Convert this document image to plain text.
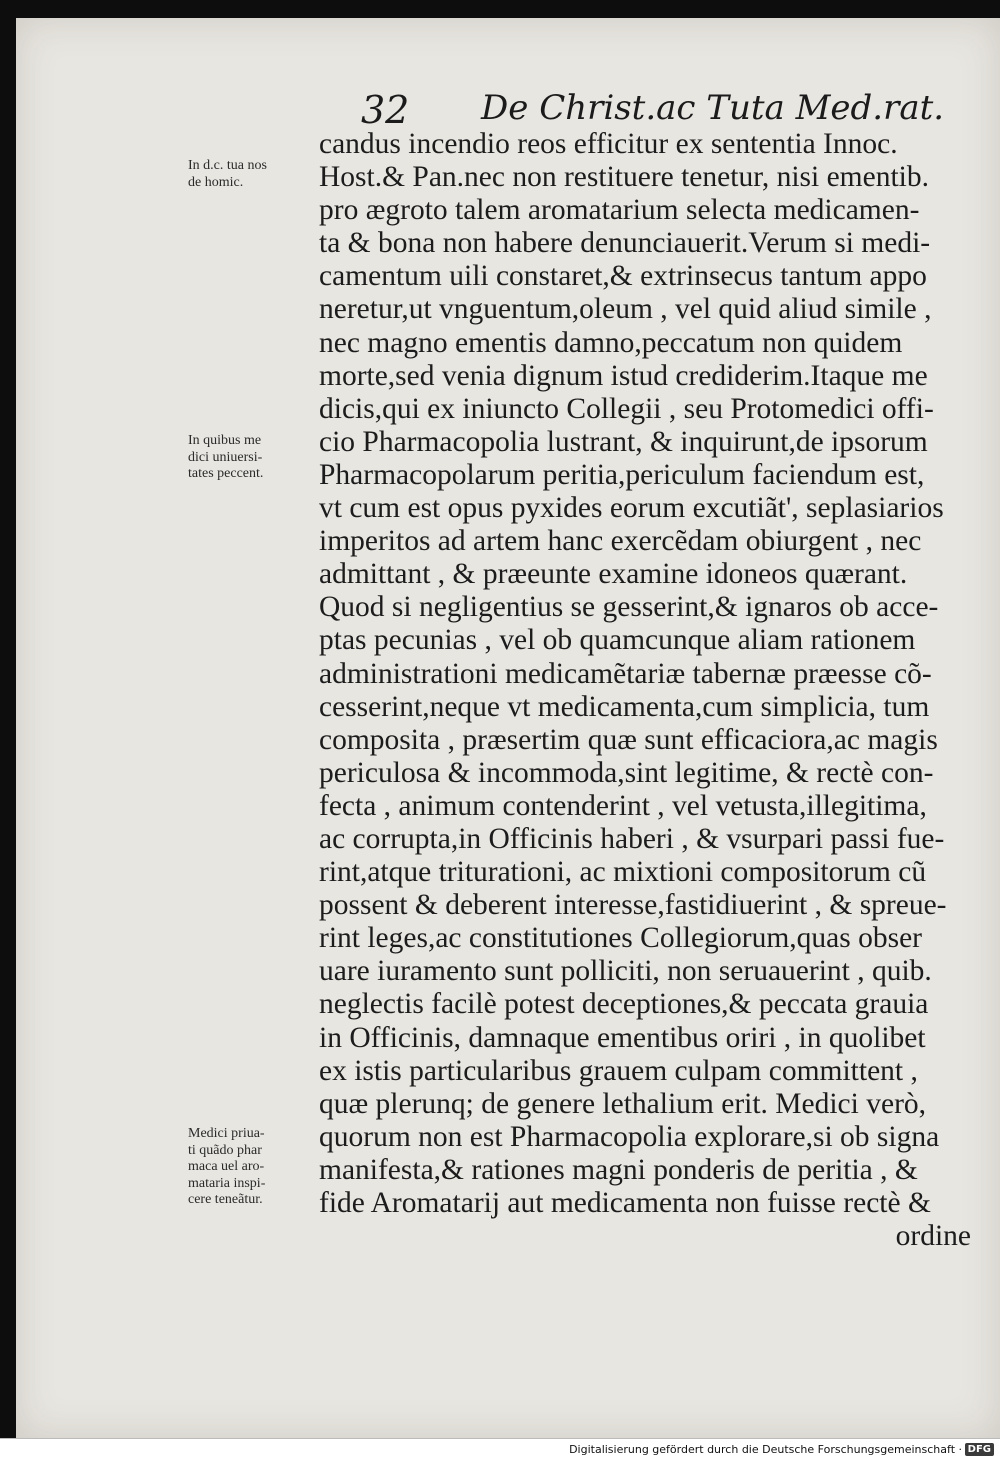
32 De Christ.ac Tuta Med.rat.
In d.c. tua nos
de homic.
In quibus me
dici uniuersi-
tates peccent.
Medici priua-
ti quãdo phar
maca uel aro-
mataria inspi-
cere teneãtur.
candus incendio reos efficitur ex sententia Innoc.
Host.& Pan.nec non restituere tenetur, nisi ementib.
pro ægroto talem aromatarium selecta medicamen-
ta & bona non habere denunciauerit.Verum si medi-
camentum uili constaret,& extrinsecus tantum appo
neretur,ut vnguentum,oleum , vel quid aliud simile ,
nec magno ementis damno,peccatum non quidem
morte,sed venia dignum istud crediderim.Itaque me
dicis,qui ex iniuncto Collegii , seu Protomedici offi-
cio Pharmacopolia lustrant, & inquirunt,de ipsorum
Pharmacopolarum peritia,periculum faciendum est,
vt cum est opus pyxides eorum excutiãt', seplasiarios
imperitos ad artem hanc exercẽdam obiurgent , nec
admittant , & præeunte examine idoneos quærant.
Quod si negligentius se gesserint,& ignaros ob acce-
ptas pecunias , vel ob quamcunque aliam rationem
administrationi medicamẽtariæ tabernæ præesse cõ-
cesserint,neque vt medicamenta,cum simplicia, tum
composita , præsertim quæ sunt efficaciora,ac magis
periculosa & incommoda,sint legitime, & rectè con-
fecta , animum contenderint , vel vetusta,illegitima,
ac corrupta,in Officinis haberi , & vsurpari passi fue-
rint,atque triturationi, ac mixtioni compositorum cũ
possent & deberent interesse,fastidiuerint , & spreue-
rint leges,ac constitutiones Collegiorum,quas obser
uare iuramento sunt polliciti, non seruauerint , quib.
neglectis facilè potest deceptiones,& peccata grauia
in Officinis, damnaque ementibus oriri , in quolibet
ex istis particularibus grauem culpam committent ,
quæ plerunq; de genere lethalium erit. Medici verò,
quorum non est Pharmacopolia explorare,si ob signa
manifesta,& rationes magni ponderis de peritia , &
fide Aromatarij aut medicamenta non fuisse rectè &
ordine
Digitalisierung gefördert durch die Deutsche Forschungsgemeinschaft · DFG
